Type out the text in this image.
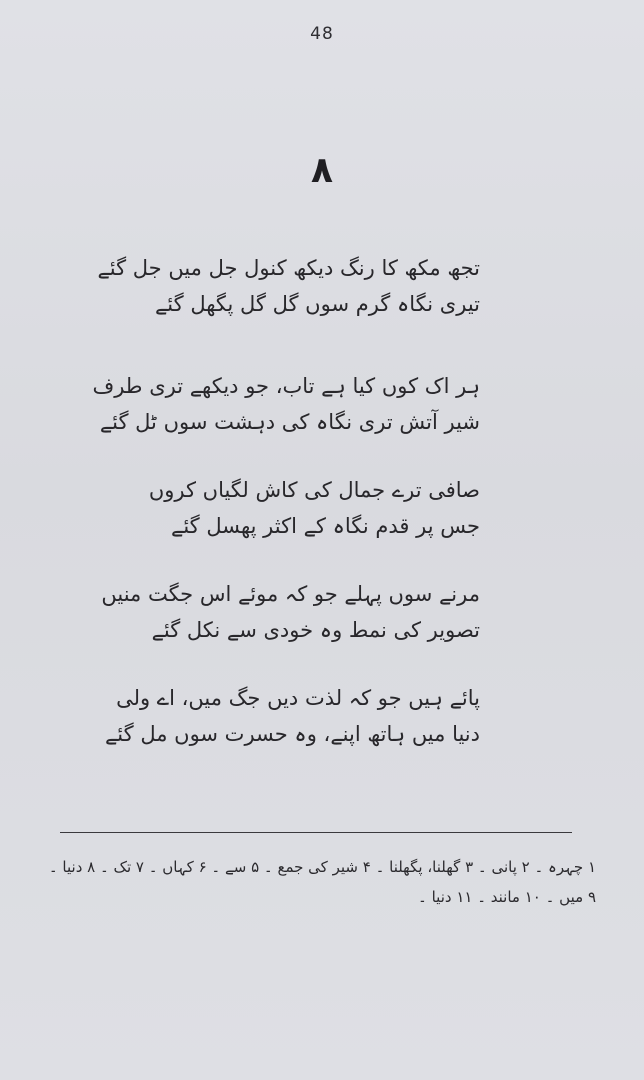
48
۸
تجھ مکھ کا رنگ دیکھ کنول جل میں جل گئے
تیری نگاہ گرم سوں گل گل پگھل گئے
ہر اک کوں کیا ہے تاب، جو دیکھے تری طرف
شیر آتش تری نگاہ کی دہشت سوں ٹل گئے
صافی ترے جمال کی کاش لگیاں کروں
جس پر قدم نگاہ کے اکثر پھسل گئے
مرنے سوں پہلے جو کہ موئے اس جگت منیں
تصویر کی نمط وہ خودی سے نکل گئے
پائے ہیں جو کہ لذت دیں جگ میں، اے ولی
دنیا میں ہاتھ اپنے، وہ حسرت سوں مل گئے
۱ چہرہ ۔ ۲ پانی ۔ ۳ گھلنا، پگھلنا ۔ ۴ شیر کی جمع ۔ ۵ سے ۔ ۶ کہاں ۔ ۷ تک ۔ ۸ دنیا ۔
۹ میں ۔ ۱۰ مانند ۔ ۱۱ دنیا ۔
